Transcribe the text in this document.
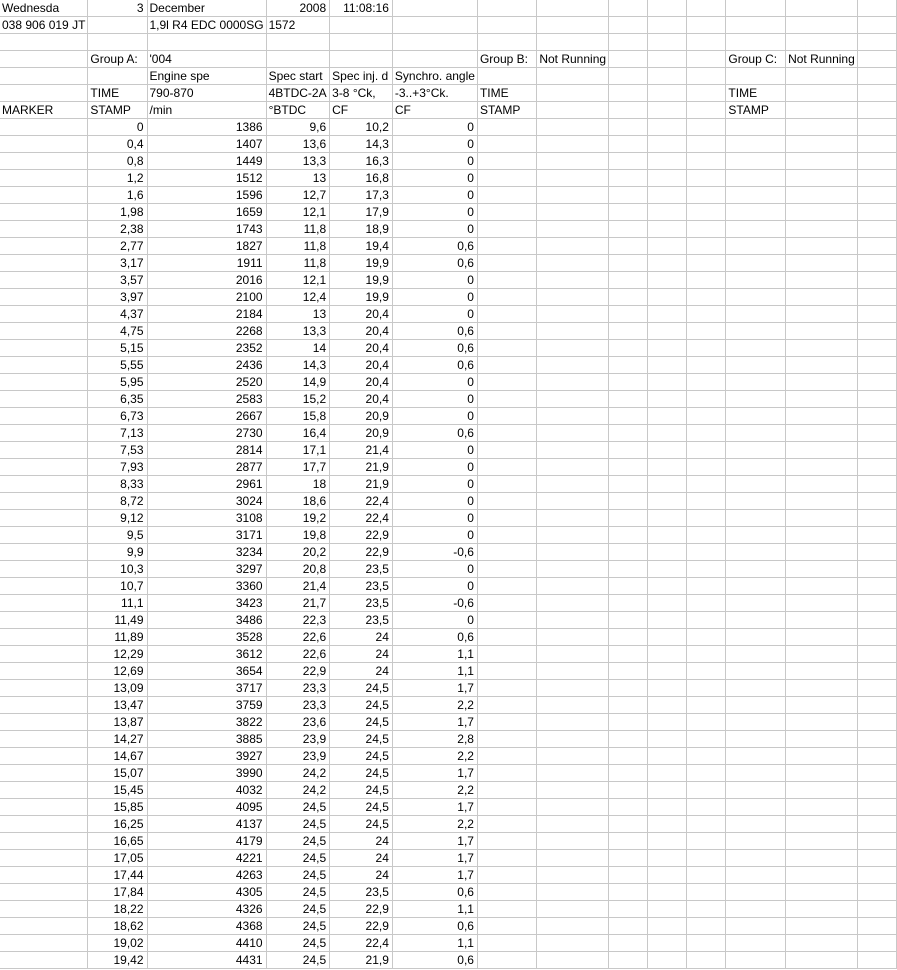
Wednesda	3	December	2008	11:08:16									
038 906 019 JT		1,9l R4 EDC 0000SG	1572										

	Group A:	'004				Group B:	Not Running				Group C:	Not Running	
		Engine spe	Spec start	Spec inj. d	Synchro. angle								
	TIME	790-870	4BTDC-2A	3-8 °Ck,	-3..+3°Ck.	TIME					TIME		
MARKER	STAMP	/min	°BTDC	CF	CF	STAMP					STAMP		
	0	1386	9,6	10,2	0								
	0,4	1407	13,6	14,3	0								
	0,8	1449	13,3	16,3	0								
	1,2	1512	13	16,8	0								
	1,6	1596	12,7	17,3	0								
	1,98	1659	12,1	17,9	0								
	2,38	1743	11,8	18,9	0								
	2,77	1827	11,8	19,4	0,6								
	3,17	1911	11,8	19,9	0,6								
	3,57	2016	12,1	19,9	0								
	3,97	2100	12,4	19,9	0								
	4,37	2184	13	20,4	0								
	4,75	2268	13,3	20,4	0,6								
	5,15	2352	14	20,4	0,6								
	5,55	2436	14,3	20,4	0,6								
	5,95	2520	14,9	20,4	0								
	6,35	2583	15,2	20,4	0								
	6,73	2667	15,8	20,9	0								
	7,13	2730	16,4	20,9	0,6								
	7,53	2814	17,1	21,4	0								
	7,93	2877	17,7	21,9	0								
	8,33	2961	18	21,9	0								
	8,72	3024	18,6	22,4	0								
	9,12	3108	19,2	22,4	0								
	9,5	3171	19,8	22,9	0								
	9,9	3234	20,2	22,9	-0,6								
	10,3	3297	20,8	23,5	0								
	10,7	3360	21,4	23,5	0								
	11,1	3423	21,7	23,5	-0,6								
	11,49	3486	22,3	23,5	0								
	11,89	3528	22,6	24	0,6								
	12,29	3612	22,6	24	1,1								
	12,69	3654	22,9	24	1,1								
	13,09	3717	23,3	24,5	1,7								
	13,47	3759	23,3	24,5	2,2								
	13,87	3822	23,6	24,5	1,7								
	14,27	3885	23,9	24,5	2,8								
	14,67	3927	23,9	24,5	2,2								
	15,07	3990	24,2	24,5	1,7								
	15,45	4032	24,2	24,5	2,2								
	15,85	4095	24,5	24,5	1,7								
	16,25	4137	24,5	24,5	2,2								
	16,65	4179	24,5	24	1,7								
	17,05	4221	24,5	24	1,7								
	17,44	4263	24,5	24	1,7								
	17,84	4305	24,5	23,5	0,6								
	18,22	4326	24,5	22,9	1,1								
	18,62	4368	24,5	22,9	0,6								
	19,02	4410	24,5	22,4	1,1								
	19,42	4431	24,5	21,9	0,6								
